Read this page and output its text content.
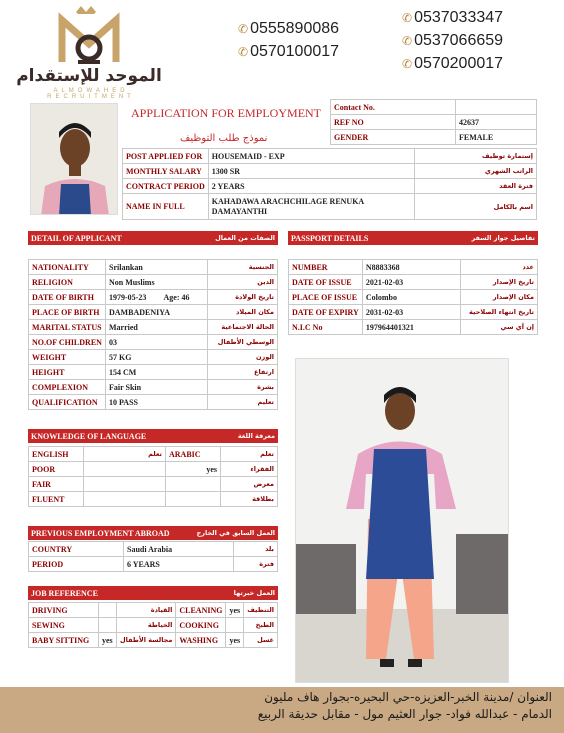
الموحد للإستقدام
ALMOWAHED RECRUITMENT
✆ 0555890086
✆ 0570100017
✆ 0537033347
✆ 0537066659
✆ 0570200017
APPLICATION FOR EMPLOYMENT
نموذج طلب التوظيف
Contact No.	
REF NO	42637
GENDER	FEMALE
POST APPLIED FOR	HOUSEMAID - EXP	إستمارة توظيف
MONTHLY SALARY	1300 SR	الراتب الشهري
CONTRACT PERIOD	2 YEARS	فترة العقد
NAME IN FULL	KAHADAWA ARACHCHILAGE RENUKA DAMAYANTHI	اسم بالكامل
DETAIL OF APPLICANT	الصفات من العمال
NATIONALITY	Srilankan		الجنسية
RELIGION	Non Muslims		الدين
DATE OF BIRTH	1979-05-23	Age: 46	تاريخ الولادة
PLACE OF BIRTH	DAMBADENIYA		مكان الميلاد
MARITAL STATUS	Married		الحالة الاجتماعية
NO.OF CHILDREN	03		الوسطي الأطفال
WEIGHT	57 KG		الوزن
HEIGHT	154 CM		ارتفاع
COMPLEXION	Fair Skin		بشرة
QUALIFICATION	10 PASS		تعليم
PASSPORT DETAILS	تفاصيل جواز السفر
NUMBER	N8883368	عدد
DATE OF ISSUE	2021-02-03	تاريخ الإصدار
PLACE OF ISSUE	Colombo	مكان الإصدار
DATE OF EXPIRY	2031-02-03	تاريخ انتهاء الصلاحية
N.I.C No	197964401321	إن آي سي
KNOWLEDGE OF LANGUAGE	معرفة اللغة
ENGLISH	تعلم	ARABIC	تعلم
POOR		yes	الفقراء
FAIR			معرض
FLUENT			بطلاقة
PREVIOUS EMPLOYMENT ABROAD	العمل السابق في الخارج
COUNTRY	Saudi Arabia	بلد
PERIOD	6 YEARS	فترة
JOB REFERENCE	العمل خبرتها
DRIVING		القيادة	CLEANING	yes	التنظيف
SEWING		الخياطة	COOKING		الطبخ
BABY SITTING	yes	مجالسة الأطفال	WASHING	yes	غسل
العنوان /مدينة الخبر-العزيزه-حي البحيره-بجوار هاف مليون
الدمام - عبدالله فواد- جوار العثيم مول - مقابل حديقة الربيع
